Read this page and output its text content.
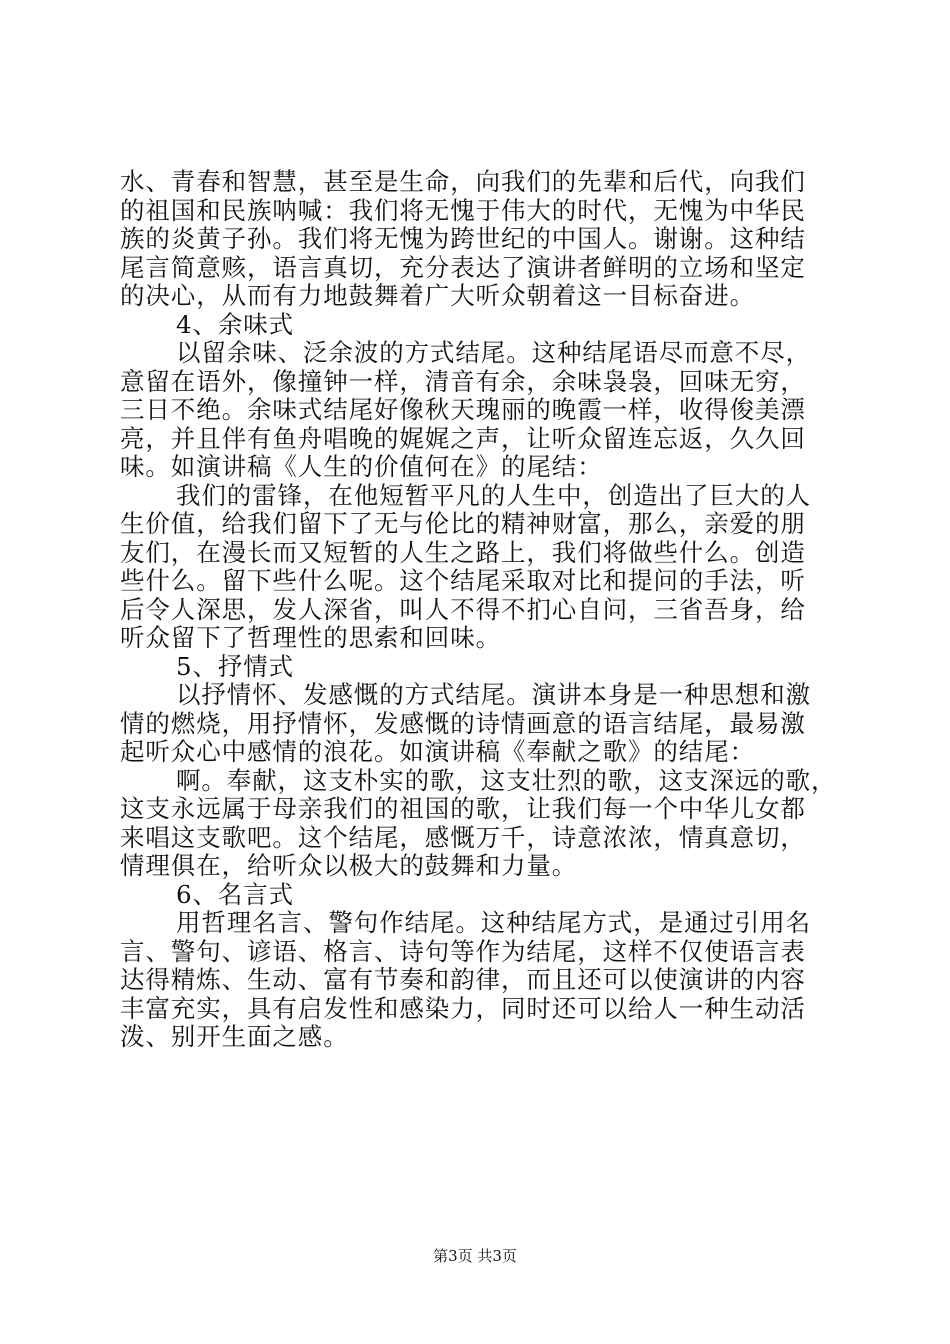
水、青春和智慧，甚至是生命，向我们的先辈和后代，向我们
的祖国和民族呐喊：我们将无愧于伟大的时代，无愧为中华民
族的炎黄子孙。我们将无愧为跨世纪的中国人。谢谢。这种结
尾言简意赅，语言真切，充分表达了演讲者鲜明的立场和坚定
的决心，从而有力地鼓舞着广大听众朝着这一目标奋进。
4、余味式
以留余味、泛余波的方式结尾。这种结尾语尽而意不尽，
意留在语外，像撞钟一样，清音有余，余味袅袅，回味无穷，
三日不绝。余味式结尾好像秋天瑰丽的晚霞一样，收得俊美漂
亮，并且伴有鱼舟唱晚的娓娓之声，让听众留连忘返，久久回
味。如演讲稿《人生的价值何在》的尾结：
我们的雷锋，在他短暂平凡的人生中，创造出了巨大的人
生价值，给我们留下了无与伦比的精神财富，那么，亲爱的朋
友们，在漫长而又短暂的人生之路上，我们将做些什么。创造
些什么。留下些什么呢。这个结尾采取对比和提问的手法，听
后令人深思，发人深省，叫人不得不扪心自问，三省吾身，给
听众留下了哲理性的思索和回味。
5、抒情式
以抒情怀、发感慨的方式结尾。演讲本身是一种思想和激
情的燃烧，用抒情怀，发感慨的诗情画意的语言结尾，最易激
起听众心中感情的浪花。如演讲稿《奉献之歌》的结尾：
啊。奉献，这支朴实的歌，这支壮烈的歌，这支深远的歌，
这支永远属于母亲我们的祖国的歌，让我们每一个中华儿女都
来唱这支歌吧。这个结尾，感慨万千，诗意浓浓，情真意切，
情理俱在，给听众以极大的鼓舞和力量。
6、名言式
用哲理名言、警句作结尾。这种结尾方式，是通过引用名
言、警句、谚语、格言、诗句等作为结尾，这样不仅使语言表
达得精炼、生动、富有节奏和韵律，而且还可以使演讲的内容
丰富充实，具有启发性和感染力，同时还可以给人一种生动活
泼、别开生面之感。
第3页 共3页
